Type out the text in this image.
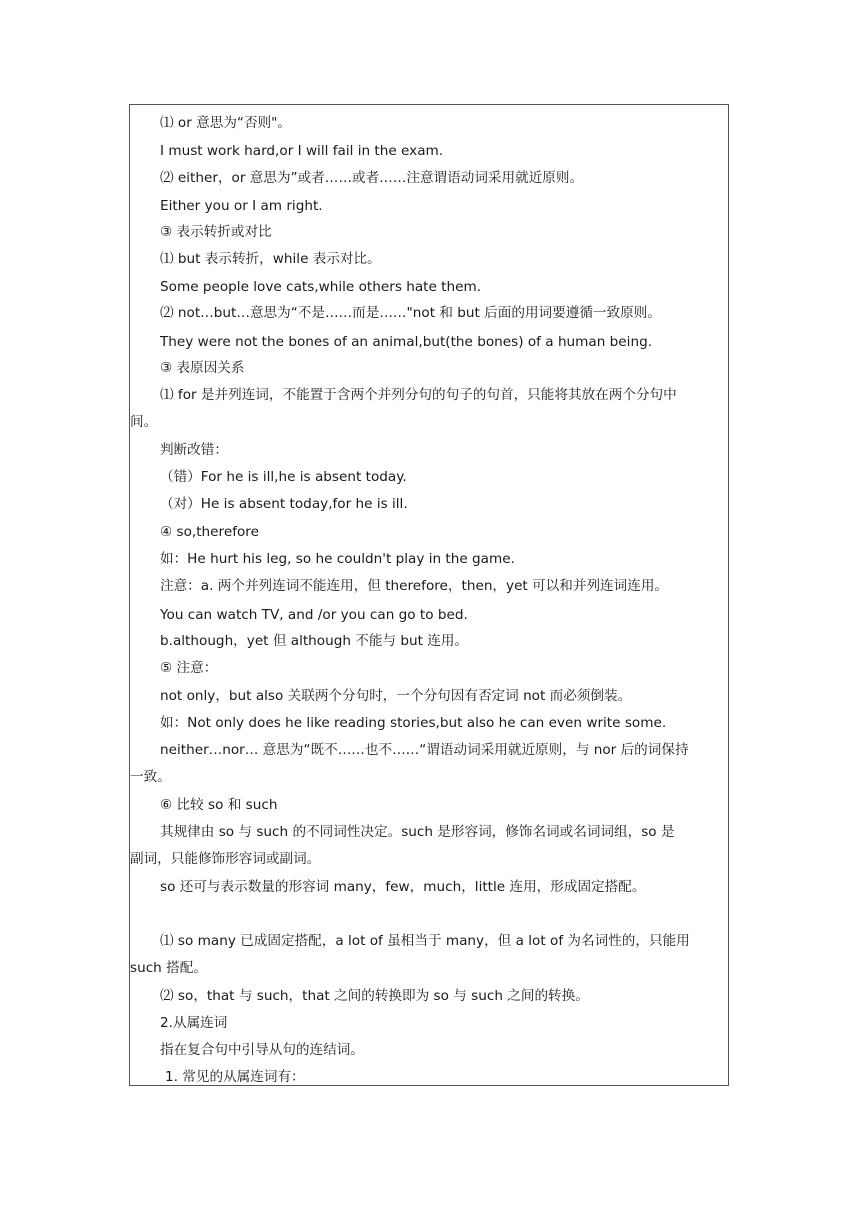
⑴ or 意思为“否则"。
I must work hard,or I will fail in the exam.
⑵ either，or 意思为”或者……或者……注意谓语动词采用就近原则。
Either you or I am right.
③ 表示转折或对比
⑴ but 表示转折，while 表示对比。
Some people love cats,while others hate them.
⑵ not…but…意思为“不是……而是……"not 和 but 后面的用词要遵循一致原则。
They were not the bones of an animal,but(the bones) of a human being.
③ 表原因关系
⑴ for 是并列连词，不能置于含两个并列分句的句子的句首，只能将其放在两个分句中
间。
判断改错：
（错）For he is ill,he is absent today.
（对）He is absent today,for he is ill.
④ so,therefore
如：He hurt his leg, so he couldn't play in the game.
注意：a. 两个并列连词不能连用，但 therefore，then，yet 可以和并列连词连用。
You can watch TV, and /or you can go to bed.
b.although，yet 但 although 不能与 but 连用。
⑤ 注意：
not only，but also 关联两个分句时，一个分句因有否定词 not 而必须倒装。
如：Not only does he like reading stories,but also he can even write some.
neither…nor… 意思为“既不……也不……“谓语动词采用就近原则，与 nor 后的词保持
一致。
⑥ 比较 so 和 such
其规律由 so 与 such 的不同词性决定。such 是形容词，修饰名词或名词词组，so 是
副词，只能修饰形容词或副词。
so 还可与表示数量的形容词 many，few，much，little 连用，形成固定搭配。
⑴ so many 已成固定搭配，a lot of 虽相当于 many，但 a lot of 为名词性的，只能用
such 搭配。
⑵ so，that 与 such，that 之间的转换即为 so 与 such 之间的转换。
2.从属连词
指在复合句中引导从句的连结词。
1. 常见的从属连词有：
